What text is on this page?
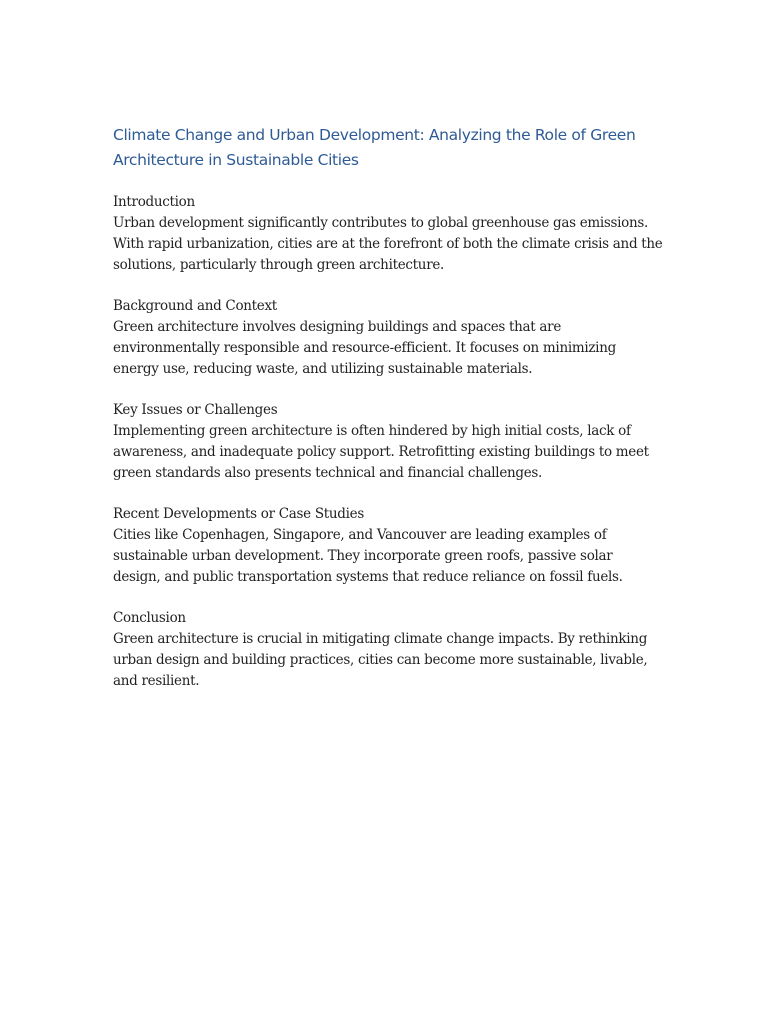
Climate Change and Urban Development: Analyzing the Role of Green Architecture in Sustainable Cities

Introduction

Urban development significantly contributes to global greenhouse gas emissions. With rapid urbanization, cities are at the forefront of both the climate crisis and the solutions, particularly through green architecture.

Background and Context

Green architecture involves designing buildings and spaces that are environmentally responsible and resource-efficient. It focuses on minimizing energy use, reducing waste, and utilizing sustainable materials.

Key Issues or Challenges

Implementing green architecture is often hindered by high initial costs, lack of awareness, and inadequate policy support. Retrofitting existing buildings to meet green standards also presents technical and financial challenges.

Recent Developments or Case Studies

Cities like Copenhagen, Singapore, and Vancouver are leading examples of sustainable urban development. They incorporate green roofs, passive solar design, and public transportation systems that reduce reliance on fossil fuels.

Conclusion

Green architecture is crucial in mitigating climate change impacts. By rethinking urban design and building practices, cities can become more sustainable, livable, and resilient.
